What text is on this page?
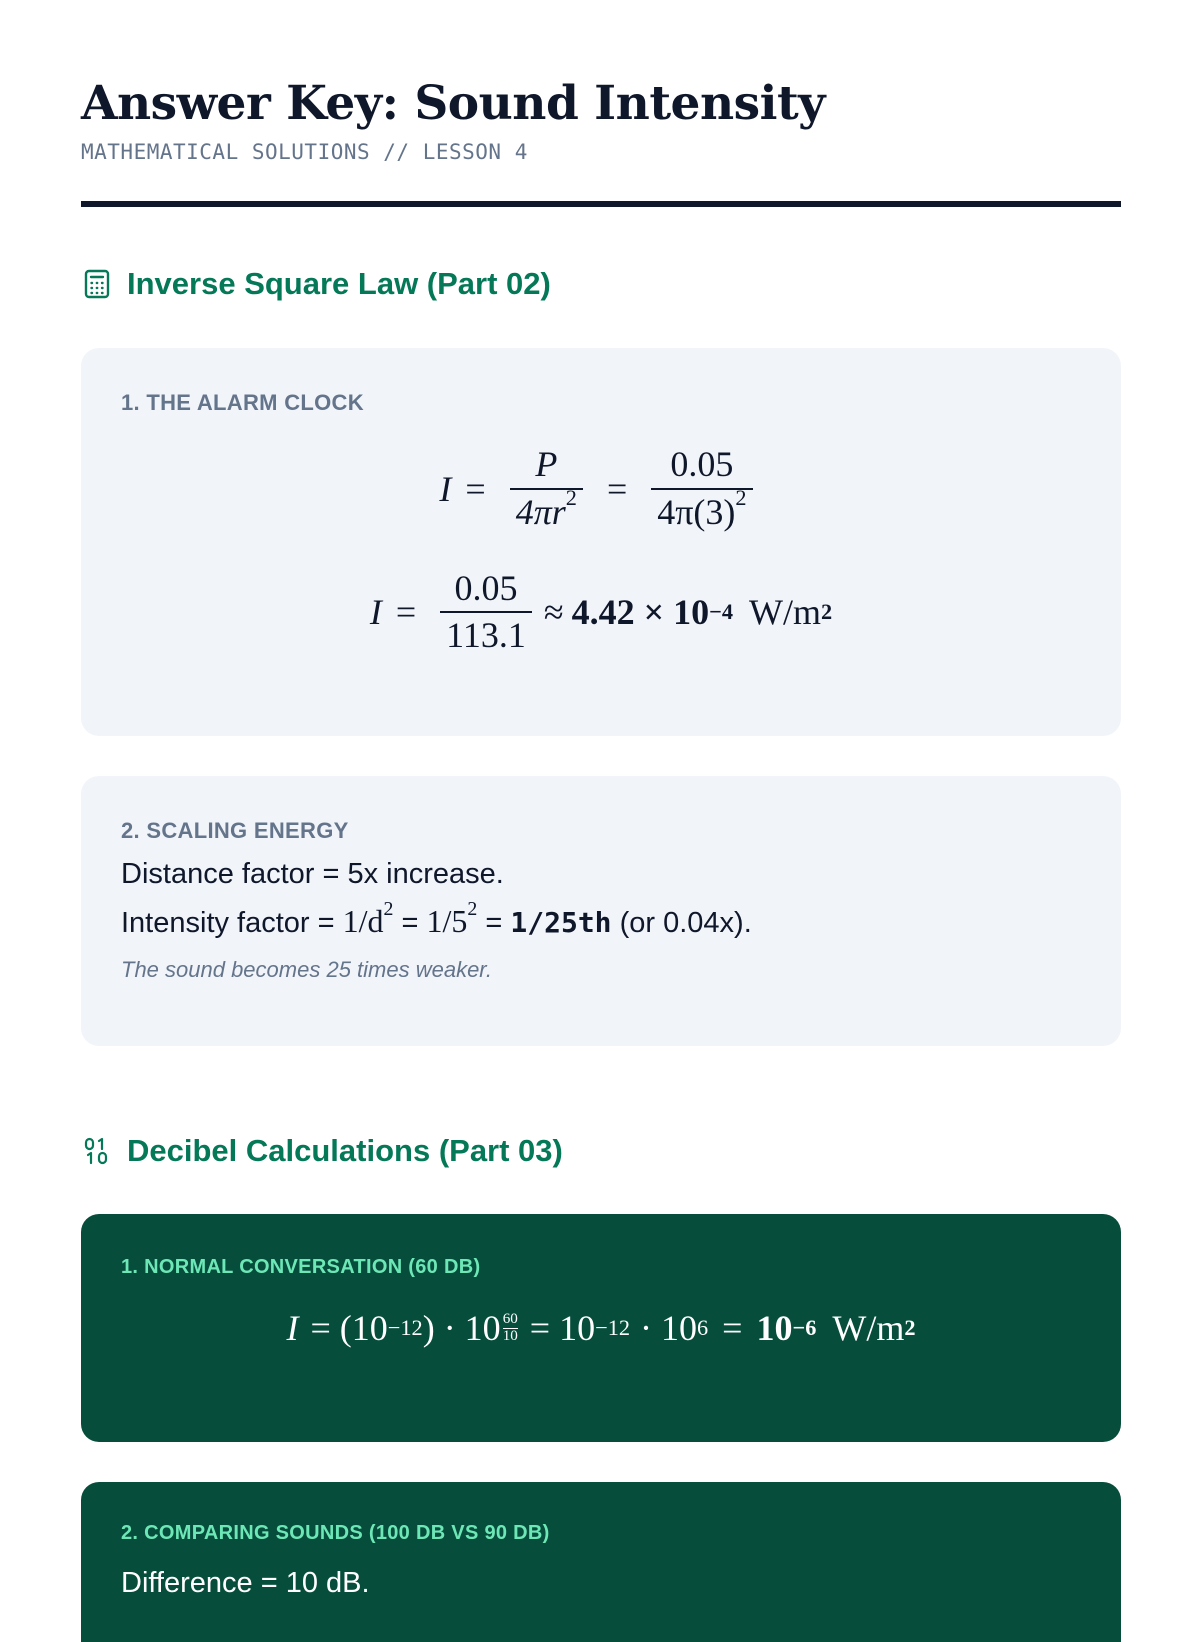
Answer Key: Sound Intensity
MATHEMATICAL SOLUTIONS // LESSON 4
Inverse Square Law (Part 02)
1. THE ALARM CLOCK
$I = \frac{P}{4\pi r^2} = \frac{0.05}{4\pi(3)^2}$
$I = \frac{0.05}{113.1} \approx 4.42 \times 10 -4$ W/m 2
2. SCALING ENERGY
Distance factor = 5x increase.
Intensity factor = $1/d^2 = 1/5^2 = 1/25th$ (or 0.04x).
The sound becomes 25 times weaker.
Decibel Calculations (Part 03)
1. NORMAL CONVERSATION (60 DB)
I = (10 −12 ) · $10 \frac{60}{10} = 10 -12 \cdot 10$ 6 = 10 −6 W/m 2
2. COMPARING SOUNDS (100 DB VS 90 DB)
Difference = 10 dB.
